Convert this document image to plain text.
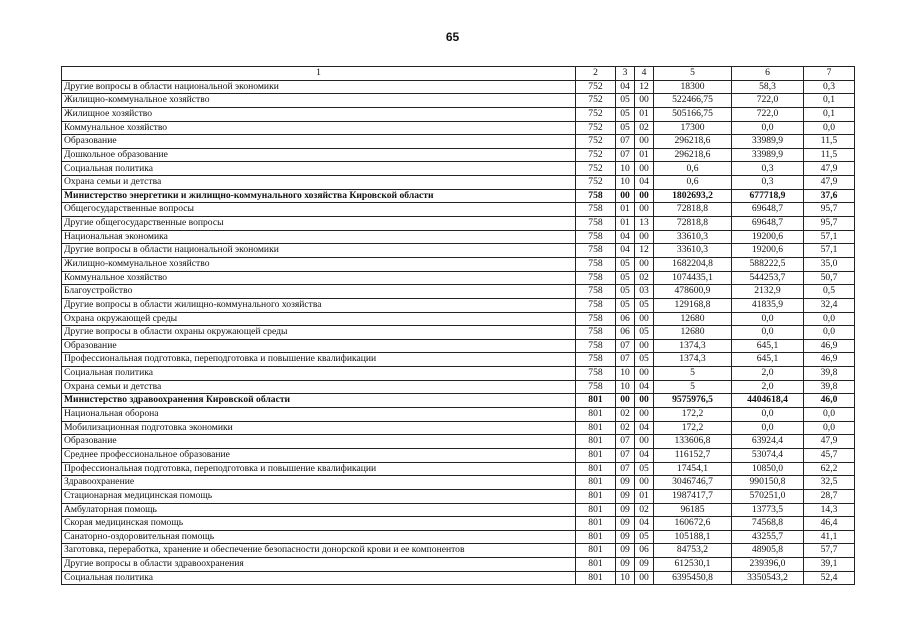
65
1	2	3	4	5	6	7
Другие вопросы в области национальной экономики	752	04	12	18300	58,3	0,3
Жилищно-коммунальное хозяйство	752	05	00	522466,75	722,0	0,1
Жилищное хозяйство	752	05	01	505166,75	722,0	0,1
Коммунальное хозяйство	752	05	02	17300	0,0	0,0
Образование	752	07	00	296218,6	33989,9	11,5
Дошкольное образование	752	07	01	296218,6	33989,9	11,5
Социальная политика	752	10	00	0,6	0,3	47,9
Охрана семьи и детства	752	10	04	0,6	0,3	47,9
Министерство энергетики и жилищно-коммунального хозяйства Кировской области	758	00	00	1802693,2	677718,9	37,6
Общегосударственные вопросы	758	01	00	72818,8	69648,7	95,7
Другие общегосударственные вопросы	758	01	13	72818,8	69648,7	95,7
Национальная экономика	758	04	00	33610,3	19200,6	57,1
Другие вопросы в области национальной экономики	758	04	12	33610,3	19200,6	57,1
Жилищно-коммунальное хозяйство	758	05	00	1682204,8	588222,5	35,0
Коммунальное хозяйство	758	05	02	1074435,1	544253,7	50,7
Благоустройство	758	05	03	478600,9	2132,9	0,5
Другие вопросы в области жилищно-коммунального хозяйства	758	05	05	129168,8	41835,9	32,4
Охрана окружающей среды	758	06	00	12680	0,0	0,0
Другие вопросы в области охраны окружающей среды	758	06	05	12680	0,0	0,0
Образование	758	07	00	1374,3	645,1	46,9
Профессиональная подготовка, переподготовка и повышение квалификации	758	07	05	1374,3	645,1	46,9
Социальная политика	758	10	00	5	2,0	39,8
Охрана семьи и детства	758	10	04	5	2,0	39,8
Министерство здравоохранения Кировской области	801	00	00	9575976,5	4404618,4	46,0
Национальная оборона	801	02	00	172,2	0,0	0,0
Мобилизационная подготовка экономики	801	02	04	172,2	0,0	0,0
Образование	801	07	00	133606,8	63924,4	47,9
Среднее профессиональное образование	801	07	04	116152,7	53074,4	45,7
Профессиональная подготовка, переподготовка и повышение квалификации	801	07	05	17454,1	10850,0	62,2
Здравоохранение	801	09	00	3046746,7	990150,8	32,5
Стационарная медицинская помощь	801	09	01	1987417,7	570251,0	28,7
Амбулаторная помощь	801	09	02	96185	13773,5	14,3
Скорая медицинская помощь	801	09	04	160672,6	74568,8	46,4
Санаторно-оздоровительная помощь	801	09	05	105188,1	43255,7	41,1
Заготовка, переработка, хранение и обеспечение безопасности донорской крови и ее компонентов	801	09	06	84753,2	48905,8	57,7
Другие вопросы в области здравоохранения	801	09	09	612530,1	239396,0	39,1
Социальная политика	801	10	00	6395450,8	3350543,2	52,4
